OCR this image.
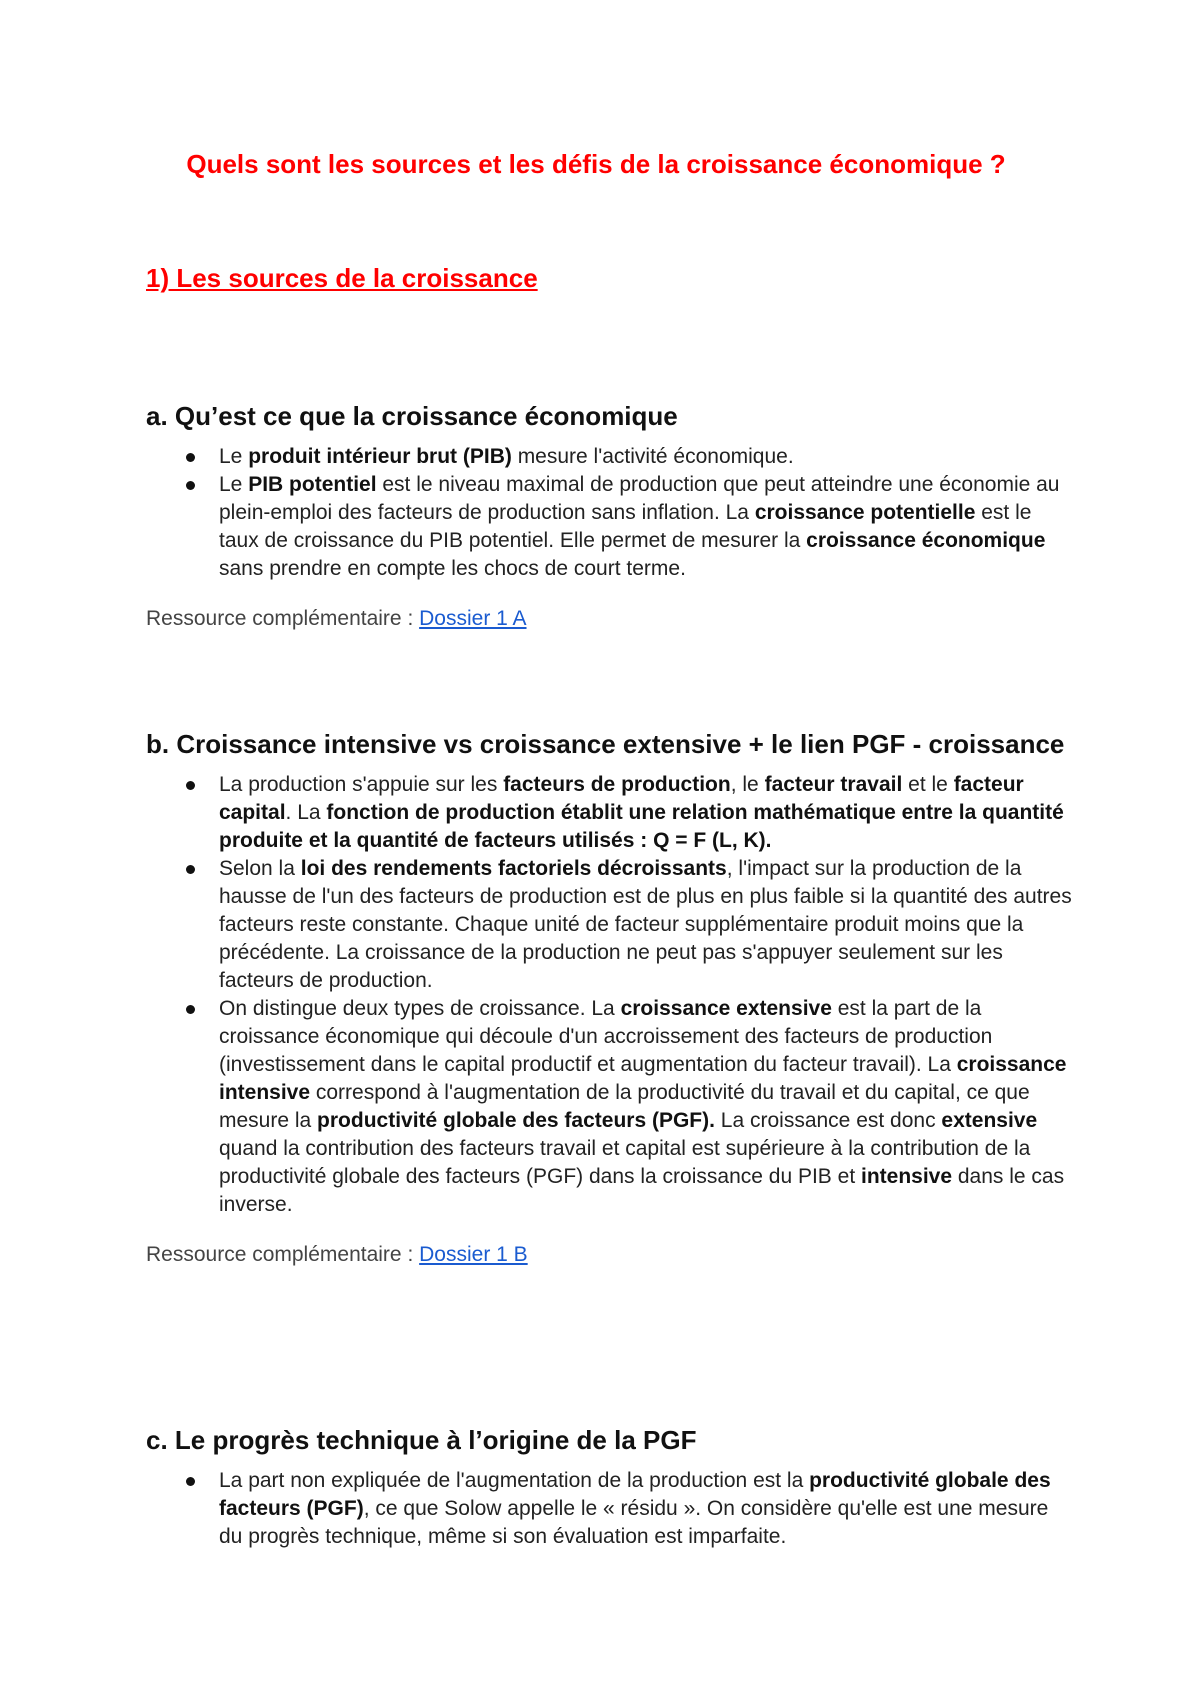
Quels sont les sources et les défis de la croissance économique ?
1) Les sources de la croissance
a. Qu’est ce que la croissance économique
Le produit intérieur brut (PIB) mesure l'activité économique.
Le PIB potentiel est le niveau maximal de production que peut atteindre une économie au plein-emploi des facteurs de production sans inflation. La croissance potentielle est le taux de croissance du PIB potentiel. Elle permet de mesurer la croissance économique sans prendre en compte les chocs de court terme.

Ressource complémentaire : Dossier 1 A

b. Croissance intensive vs croissance extensive + le lien PGF - croissance
La production s'appuie sur les facteurs de production, le facteur travail et le facteur capital. La fonction de production établit une relation mathématique entre la quantité produite et la quantité de facteurs utilisés : Q = F (L, K).
Selon la loi des rendements factoriels décroissants, l'impact sur la production de la hausse de l'un des facteurs de production est de plus en plus faible si la quantité des autres facteurs reste constante. Chaque unité de facteur supplémentaire produit moins que la précédente. La croissance de la production ne peut pas s'appuyer seulement sur les facteurs de production.
On distingue deux types de croissance. La croissance extensive est la part de la croissance économique qui découle d'un accroissement des facteurs de production (investissement dans le capital productif et augmentation du facteur travail). La croissance intensive correspond à l'augmentation de la productivité du travail et du capital, ce que mesure la productivité globale des facteurs (PGF). La croissance est donc extensive quand la contribution des facteurs travail et capital est supérieure à la contribution de la productivité globale des facteurs (PGF) dans la croissance du PIB et intensive dans le cas inverse.

Ressource complémentaire : Dossier 1 B

c. Le progrès technique à l’origine de la PGF
La part non expliquée de l'augmentation de la production est la productivité globale des facteurs (PGF), ce que Solow appelle le « résidu ». On considère qu'elle est une mesure du progrès technique, même si son évaluation est imparfaite.
